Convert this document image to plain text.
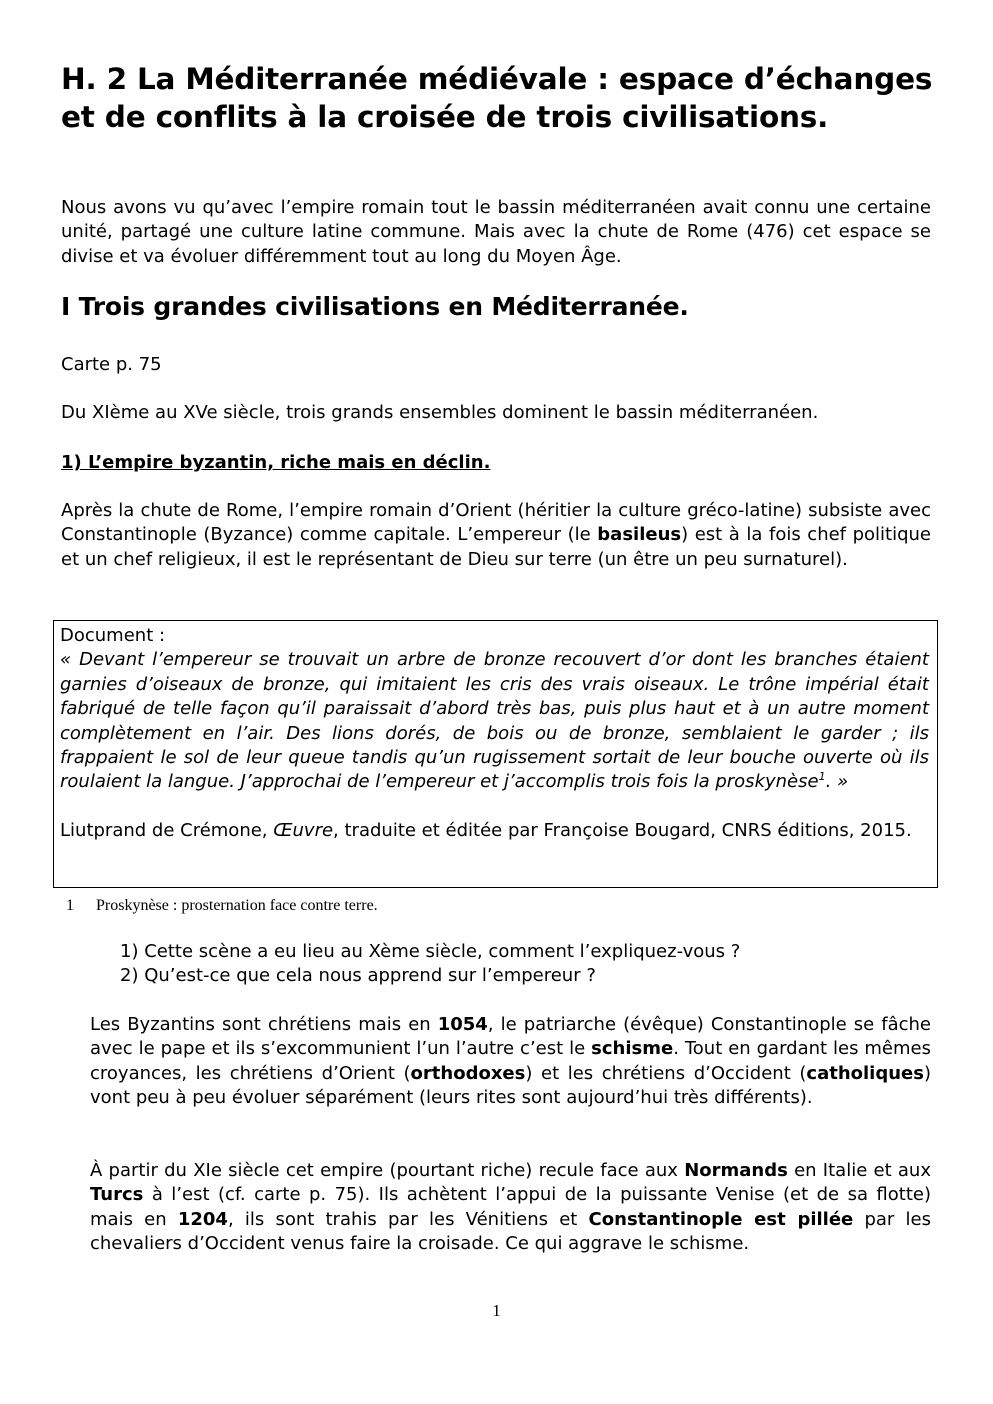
H. 2 La Méditerranée médiévale : espace d’échanges et de conflits à la croisée de trois civilisations.

Nous avons vu qu’avec l’empire romain tout le bassin méditerranéen avait connu une certaine unité, partagé une culture latine commune. Mais avec la chute de Rome (476) cet espace se divise et va évoluer différemment tout au long du Moyen Âge.

I Trois grandes civilisations en Méditerranée.

Carte p. 75

Du XIème au XVe siècle, trois grands ensembles dominent le bassin méditerranéen.

1) L’empire byzantin, riche mais en déclin.

Après la chute de Rome, l’empire romain d’Orient (héritier la culture gréco-latine) subsiste avec Constantinople (Byzance) comme capitale. L’empereur (le basileus) est à la fois chef politique et un chef religieux, il est le représentant de Dieu sur terre (un être un peu surnaturel).

Document :

« Devant l’empereur se trouvait un arbre de bronze recouvert d’or dont les branches étaient garnies d’oiseaux de bronze, qui imitaient les cris des vrais oiseaux. Le trône impérial était fabriqué de telle façon qu’il paraissait d’abord très bas, puis plus haut et à un autre moment complètement en l’air. Des lions dorés, de bois ou de bronze, semblaient le garder ; ils frappaient le sol de leur queue tandis qu’un rugissement sortait de leur bouche ouverte où ils roulaient la langue. J’approchai de l’empereur et j’accomplis trois fois la proskynèse$^1$. »

Liutprand de Crémone, Œuvre, traduite et éditée par Françoise Bougard, CNRS éditions, 2015.

1 Proskynèse : prosternation face contre terre.
1) Cette scène a eu lieu au Xème siècle, comment l’expliquez-vous ?
2) Qu’est-ce que cela nous apprend sur l’empereur ?

Les Byzantins sont chrétiens mais en 1054, le patriarche (évêque) Constantinople se fâche avec le pape et ils s’excommunient l’un l’autre c’est le schisme. Tout en gardant les mêmes croyances, les chrétiens d’Orient (orthodoxes) et les chrétiens d’Occident (catholiques) vont peu à peu évoluer séparément (leurs rites sont aujourd’hui très différents).

À partir du XIe siècle cet empire (pourtant riche) recule face aux Normands en Italie et aux Turcs à l’est (cf. carte p. 75). Ils achètent l’appui de la puissante Venise (et de sa flotte) mais en 1204, ils sont trahis par les Vénitiens et Constantinople est pillée par les chevaliers d’Occident venus faire la croisade. Ce qui aggrave le schisme.

1
